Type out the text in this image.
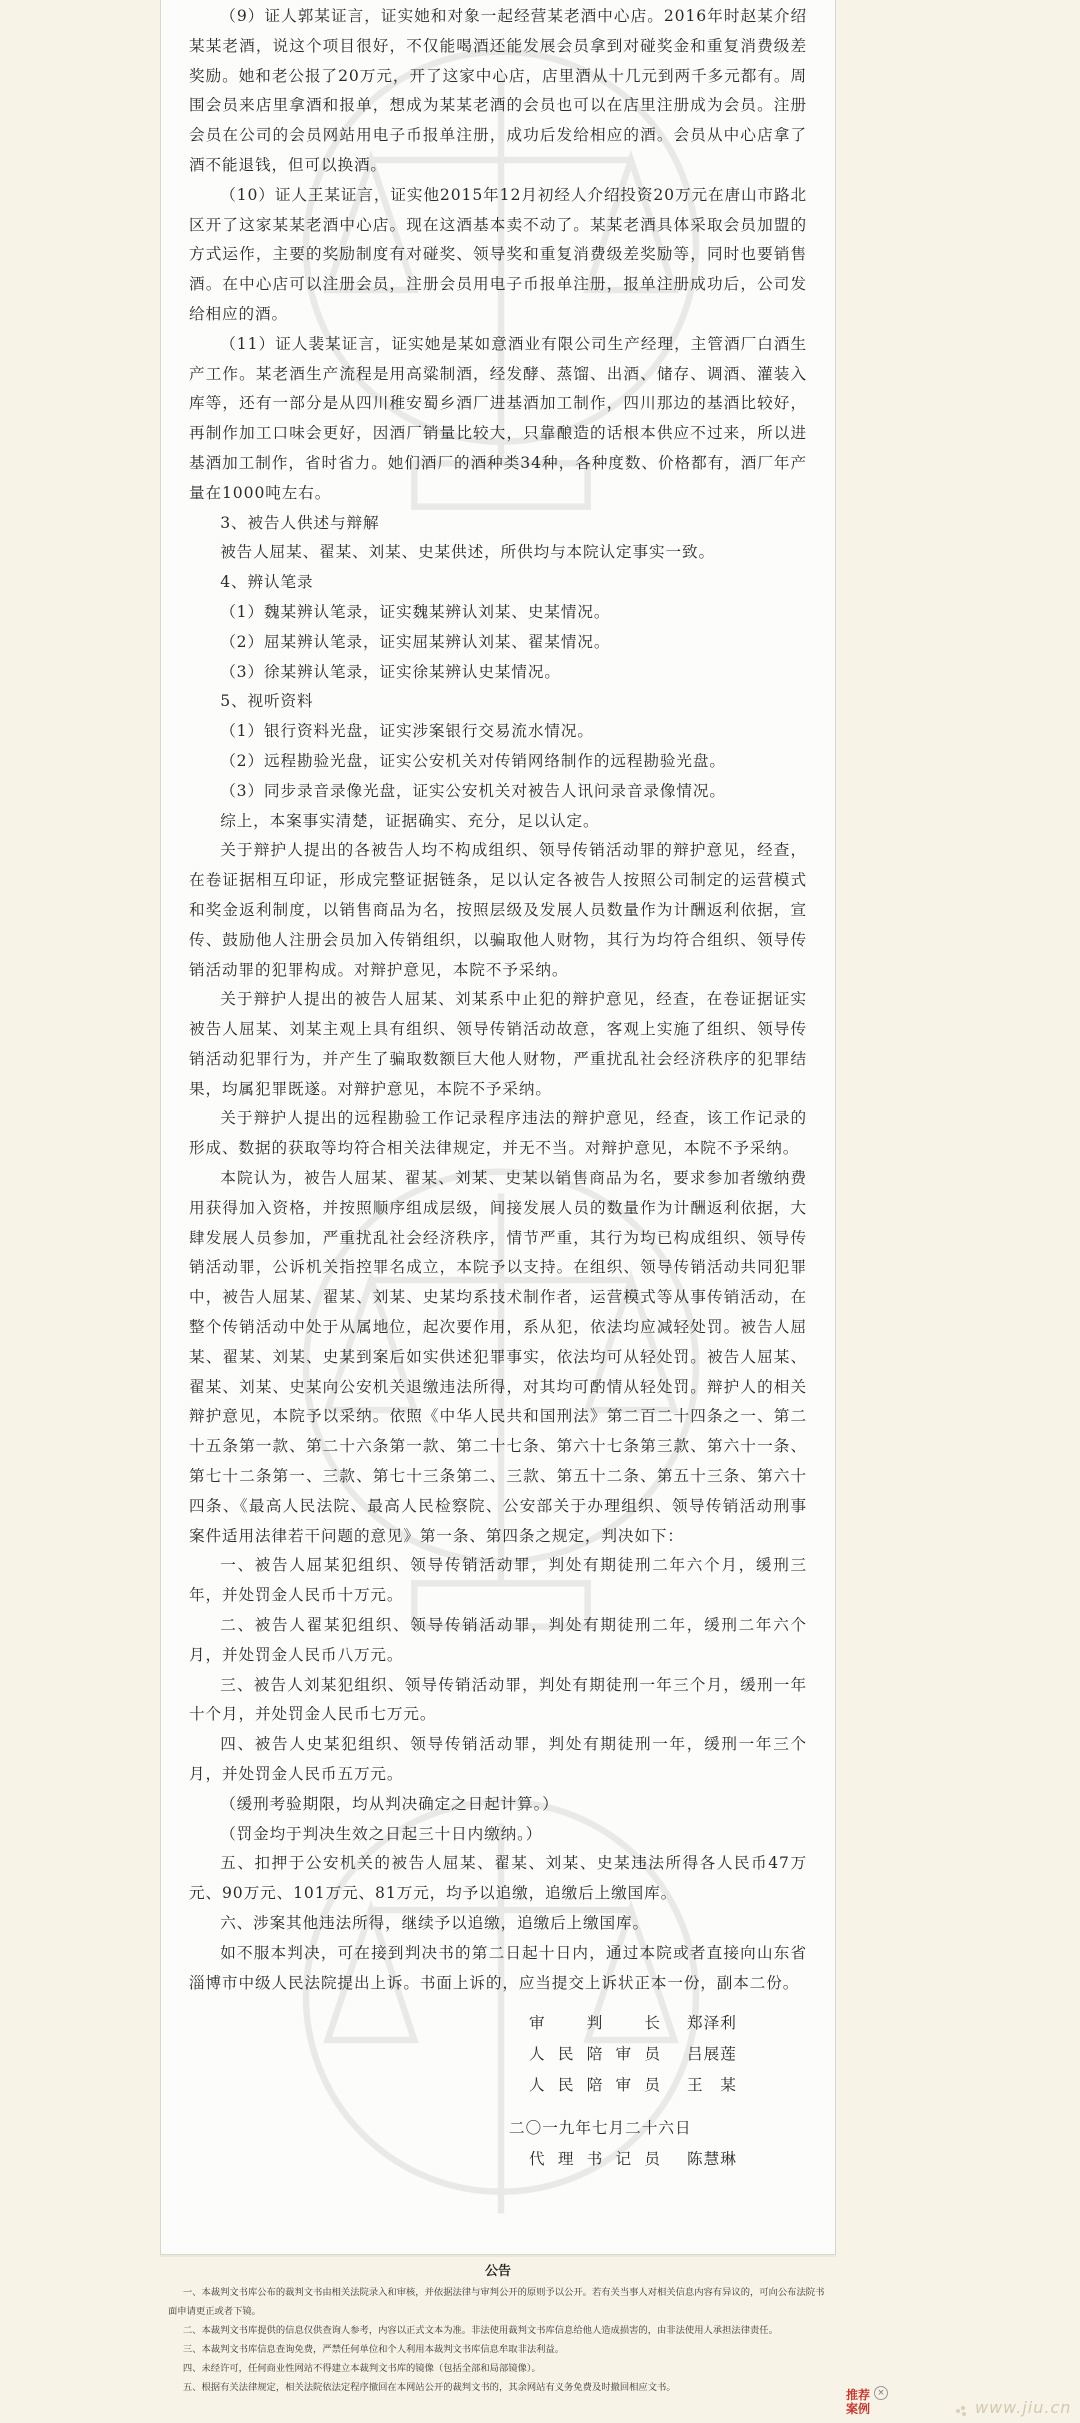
（9）证人郭某证言，证实她和对象一起经营某老酒中心店。2016年时赵某介绍某某老酒，说这个项目很好，不仅能喝酒还能发展会员拿到对碰奖金和重复消费级差奖励。她和老公报了20万元，开了这家中心店，店里酒从十几元到两千多元都有。周围会员来店里拿酒和报单，想成为某某老酒的会员也可以在店里注册成为会员。注册会员在公司的会员网站用电子币报单注册，成功后发给相应的酒。会员从中心店拿了酒不能退钱，但可以换酒。

（10）证人王某证言，证实他2015年12月初经人介绍投资20万元在唐山市路北区开了这家某某老酒中心店。现在这酒基本卖不动了。某某老酒具体采取会员加盟的方式运作，主要的奖励制度有对碰奖、领导奖和重复消费级差奖励等，同时也要销售酒。在中心店可以注册会员，注册会员用电子币报单注册，报单注册成功后，公司发给相应的酒。

（11）证人裴某证言，证实她是某如意酒业有限公司生产经理，主管酒厂白酒生产工作。某老酒生产流程是用高粱制酒，经发酵、蒸馏、出酒、储存、调酒、灌装入库等，还有一部分是从四川稚安蜀乡酒厂进基酒加工制作，四川那边的基酒比较好，再制作加工口味会更好，因酒厂销量比较大，只靠酿造的话根本供应不过来，所以进基酒加工制作，省时省力。她们酒厂的酒种类34种，各种度数、价格都有，酒厂年产量在1000吨左右。

3、被告人供述与辩解

被告人屈某、翟某、刘某、史某供述，所供均与本院认定事实一致。

4、辨认笔录

（1）魏某辨认笔录，证实魏某辨认刘某、史某情况。

（2）屈某辨认笔录，证实屈某辨认刘某、翟某情况。

（3）徐某辨认笔录，证实徐某辨认史某情况。

5、视听资料

（1）银行资料光盘，证实涉案银行交易流水情况。

（2）远程勘验光盘，证实公安机关对传销网络制作的远程勘验光盘。

（3）同步录音录像光盘，证实公安机关对被告人讯问录音录像情况。

综上，本案事实清楚，证据确实、充分，足以认定。

关于辩护人提出的各被告人均不构成组织、领导传销活动罪的辩护意见，经查，在卷证据相互印证，形成完整证据链条，足以认定各被告人按照公司制定的运营模式和奖金返利制度，以销售商品为名，按照层级及发展人员数量作为计酬返利依据，宣传、鼓励他人注册会员加入传销组织，以骗取他人财物，其行为均符合组织、领导传销活动罪的犯罪构成。对辩护意见，本院不予采纳。

关于辩护人提出的被告人屈某、刘某系中止犯的辩护意见，经查，在卷证据证实被告人屈某、刘某主观上具有组织、领导传销活动故意，客观上实施了组织、领导传销活动犯罪行为，并产生了骗取数额巨大他人财物，严重扰乱社会经济秩序的犯罪结果，均属犯罪既遂。对辩护意见，本院不予采纳。

关于辩护人提出的远程勘验工作记录程序违法的辩护意见，经查，该工作记录的形成、数据的获取等均符合相关法律规定，并无不当。对辩护意见，本院不予采纳。

本院认为，被告人屈某、翟某、刘某、史某以销售商品为名，要求参加者缴纳费用获得加入资格，并按照顺序组成层级，间接发展人员的数量作为计酬返利依据，大肆发展人员参加，严重扰乱社会经济秩序，情节严重，其行为均已构成组织、领导传销活动罪，公诉机关指控罪名成立，本院予以支持。在组织、领导传销活动共同犯罪中，被告人屈某、翟某、刘某、史某均系技术制作者，运营模式等从事传销活动，在整个传销活动中处于从属地位，起次要作用，系从犯，依法均应减轻处罚。被告人屈某、翟某、刘某、史某到案后如实供述犯罪事实，依法均可从轻处罚。被告人屈某、翟某、刘某、史某向公安机关退缴违法所得，对其均可酌情从轻处罚。辩护人的相关辩护意见，本院予以采纳。依照《中华人民共和国刑法》第二百二十四条之一、第二十五条第一款、第二十六条第一款、第二十七条、第六十七条第三款、第六十一条、第七十二条第一、三款、第七十三条第二、三款、第五十二条、第五十三条、第六十四条、《最高人民法院、最高人民检察院、公安部关于办理组织、领导传销活动刑事案件适用法律若干问题的意见》第一条、第四条之规定，判决如下：

一、被告人屈某犯组织、领导传销活动罪，判处有期徒刑二年六个月，缓刑三年，并处罚金人民币十万元。

二、被告人翟某犯组织、领导传销活动罪，判处有期徒刑二年，缓刑二年六个月，并处罚金人民币八万元。

三、被告人刘某犯组织、领导传销活动罪，判处有期徒刑一年三个月，缓刑一年十个月，并处罚金人民币七万元。

四、被告人史某犯组织、领导传销活动罪，判处有期徒刑一年，缓刑一年三个月，并处罚金人民币五万元。

（缓刑考验期限，均从判决确定之日起计算。）

（罚金均于判决生效之日起三十日内缴纳。）

五、扣押于公安机关的被告人屈某、翟某、刘某、史某违法所得各人民币47万元、90万元、101万元、81万元，均予以追缴，追缴后上缴国库。

六、涉案其他违法所得，继续予以追缴，追缴后上缴国库。

如不服本判决，可在接到判决书的第二日起十日内，通过本院或者直接向山东省淄博市中级人民法院提出上诉。书面上诉的，应当提交上诉状正本一份，副本二份。

审判长 郑泽利
人民陪审员 吕展莲
人民陪审员 王　某
二〇一九年七月二十六日
代理书记员 陈慧琳
公告
一、本裁判文书库公布的裁判文书由相关法院录入和审核，并依据法律与审判公开的原则予以公开。若有关当事人对相关信息内容有异议的，可向公布法院书面申请更正或者下镜。
二、本裁判文书库提供的信息仅供查询人参考，内容以正式文本为准。非法使用裁判文书库信息给他人造成损害的，由非法使用人承担法律责任。
三、本裁判文书库信息查询免费，严禁任何单位和个人利用本裁判文书库信息牟取非法利益。
四、未经许可，任何商业性网站不得建立本裁判文书库的镜像（包括全部和局部镜像）。
五、根据有关法律规定，相关法院依法定程序撤回在本网站公开的裁判文书的，其余网站有义务免费及时撤回相应文书。
推荐
案例
×
www.jiu.cn
